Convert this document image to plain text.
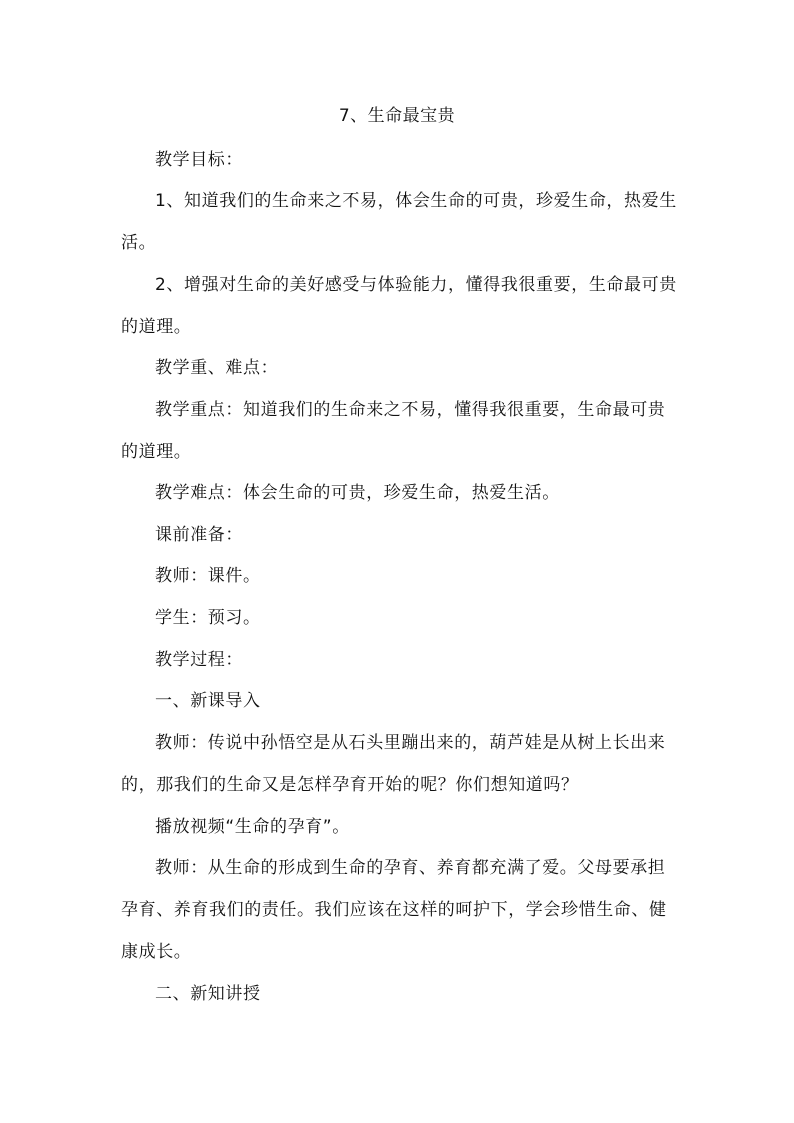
7、生命最宝贵

教学目标：

1、知道我们的生命来之不易，体会生命的可贵，珍爱生命，热爱生活。

2、增强对生命的美好感受与体验能力，懂得我很重要，生命最可贵的道理。

教学重、难点：

教学重点：知道我们的生命来之不易，懂得我很重要，生命最可贵的道理。

教学难点：体会生命的可贵，珍爱生命，热爱生活。

课前准备：

教师：课件。

学生：预习。

教学过程：

一、新课导入

教师：传说中孙悟空是从石头里蹦出来的，葫芦娃是从树上长出来的，那我们的生命又是怎样孕育开始的呢？你们想知道吗？

播放视频“生命的孕育”。

教师：从生命的形成到生命的孕育、养育都充满了爱。父母要承担孕育、养育我们的责任。我们应该在这样的呵护下，学会珍惜生命、健康成长。

二、新知讲授
